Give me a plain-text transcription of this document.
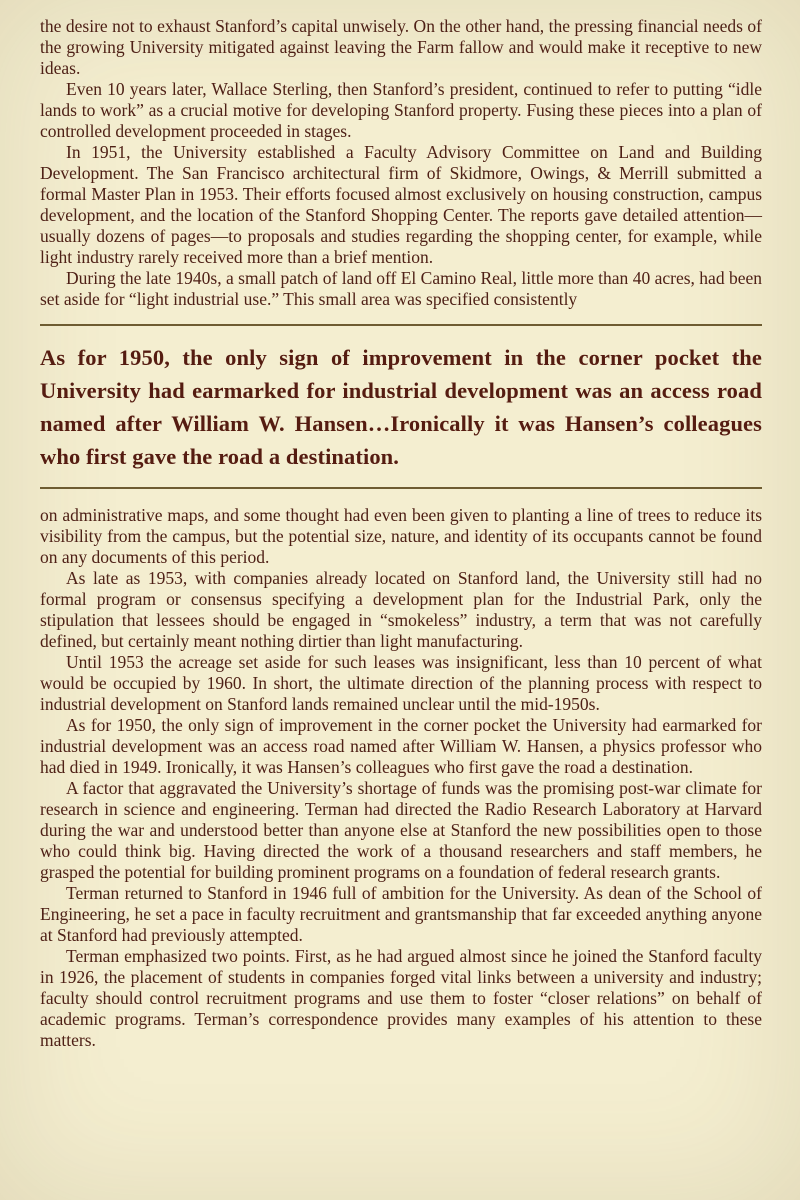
the desire not to exhaust Stanford’s capital unwisely. On the other hand, the pressing financial needs of the growing University mitigated against leaving the Farm fallow and would make it receptive to new ideas.

Even 10 years later, Wallace Sterling, then Stanford’s president, continued to refer to putting “idle lands to work” as a crucial motive for developing Stanford property. Fusing these pieces into a plan of controlled development proceeded in stages.

In 1951, the University established a Faculty Advisory Committee on Land and Building Development. The San Francisco architectural firm of Skidmore, Owings, & Merrill submitted a formal Master Plan in 1953. Their efforts focused almost exclusively on housing construction, campus development, and the location of the Stanford Shopping Center. The reports gave detailed attention—usually dozens of pages—to proposals and studies regarding the shopping center, for example, while light industry rarely received more than a brief mention.

During the late 1940s, a small patch of land off El Camino Real, little more than 40 acres, had been set aside for “light industrial use.” This small area was specified consistently

As for 1950, the only sign of improvement in the corner pocket the University had earmarked for industrial development was an access road named after William W. Hansen…Ironically it was Hansen’s colleagues who first gave the road a destination.

on administrative maps, and some thought had even been given to planting a line of trees to reduce its visibility from the campus, but the potential size, nature, and identity of its occupants cannot be found on any documents of this period.

As late as 1953, with companies already located on Stanford land, the University still had no formal program or consensus specifying a development plan for the Industrial Park, only the stipulation that lessees should be engaged in “smokeless” industry, a term that was not carefully defined, but certainly meant nothing dirtier than light manufacturing.

Until 1953 the acreage set aside for such leases was insignificant, less than 10 percent of what would be occupied by 1960. In short, the ultimate direction of the planning process with respect to industrial development on Stanford lands remained unclear until the mid-1950s.

As for 1950, the only sign of improvement in the corner pocket the University had earmarked for industrial development was an access road named after William W. Hansen, a physics professor who had died in 1949. Ironically, it was Hansen’s colleagues who first gave the road a destination.

A factor that aggravated the University’s shortage of funds was the promising post-war climate for research in science and engineering. Terman had directed the Radio Research Laboratory at Harvard during the war and understood better than anyone else at Stanford the new possibilities open to those who could think big. Having directed the work of a thousand researchers and staff members, he grasped the potential for building prominent programs on a foundation of federal research grants.

Terman returned to Stanford in 1946 full of ambition for the University. As dean of the School of Engineering, he set a pace in faculty recruitment and grantsmanship that far exceeded anything anyone at Stanford had previously attempted.

Terman emphasized two points. First, as he had argued almost since he joined the Stanford faculty in 1926, the placement of students in companies forged vital links between a university and industry; faculty should control recruitment programs and use them to foster “closer relations” on behalf of academic programs. Terman’s correspondence provides many examples of his attention to these matters.
